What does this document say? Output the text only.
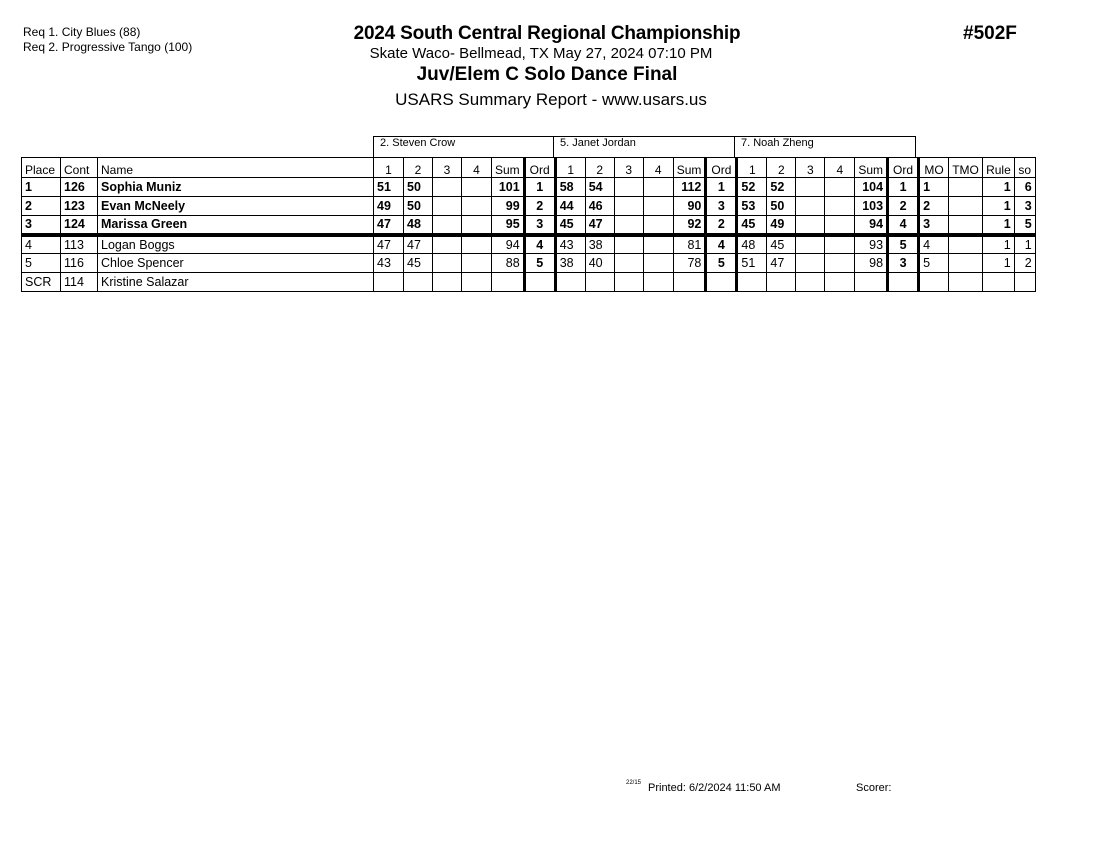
Req 1. City Blues (88)
Req 2. Progressive Tango (100)
2024 South Central Regional Championship
Skate Waco- Bellmead, TX May 27, 2024 07:10 PM
Juv/Elem C Solo Dance Final
USARS Summary Report - www.usars.us
#502F
2. Steven Crow	5. Janet Jordan	7. Noah Zheng
Place	Cont	Name	1	2	3	4	Sum	Ord	1	2	3	4	Sum	Ord	1	2	3	4	Sum	Ord	MO	TMO	Rule	so
1	126	Sophia Muniz	51	50			101	1	58	54			112	1	52	52			104	1	1		1	6
2	123	Evan McNeely	49	50			99	2	44	46			90	3	53	50			103	2	2		1	3
3	124	Marissa Green	47	48			95	3	45	47			92	2	45	49			94	4	3		1	5
4	113	Logan Boggs	47	47			94	4	43	38			81	4	48	45			93	5	4		1	1
5	116	Chloe Spencer	43	45			88	5	38	40			78	5	51	47			98	3	5		1	2
SCR	114	Kristine Salazar																						
22/15 Printed: 6/2/2024 11:50 AM	Scorer:
